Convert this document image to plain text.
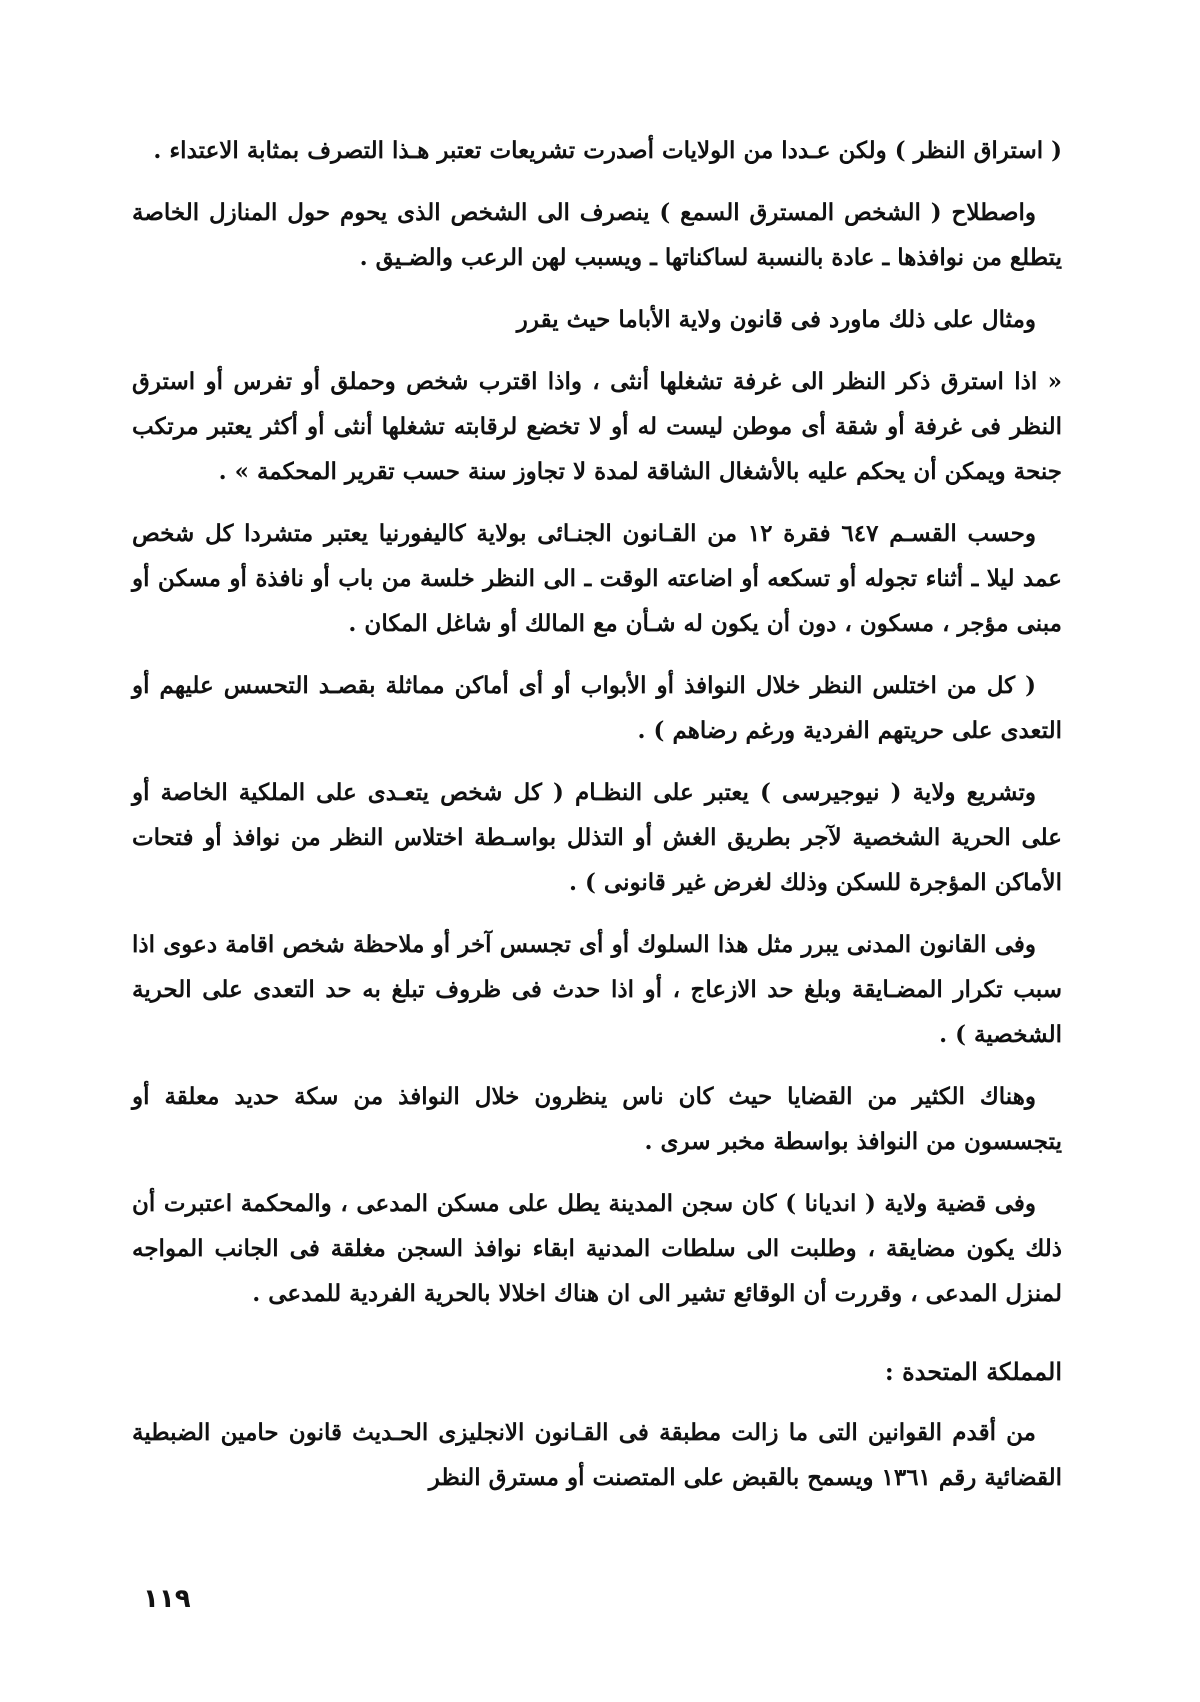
( استراق النظر ) ولكن عـددا من الولايات أصدرت تشريعات تعتبر هـذا التصرف بمثابة الاعتداء .

واصطلاح ( الشخص المسترق السمع ) ينصرف الى الشخص الذى يحوم حول المنازل الخاصة يتطلع من نوافذها ـ عادة بالنسبة لساكناتها ـ ويسبب لهن الرعب والضـيق .

ومثال على ذلك ماورد فى قانون ولاية الأباما حيث يقرر

« اذا استرق ذكر النظر الى غرفة تشغلها أنثى ، واذا اقترب شخص وحملق أو تفرس أو استرق النظر فى غرفة أو شقة أى موطن ليست له أو لا تخضع لرقابته تشغلها أنثى أو أكثر يعتبر مرتكب جنحة ويمكن أن يحكم عليه بالأشغال الشاقة لمدة لا تجاوز سنة حسب تقرير المحكمة » .

وحسب القسـم ٦٤٧ فقرة ١٢ من القـانون الجنـائى بولاية كاليفورنيا يعتبر متشردا كل شخص عمد ليلا ـ أثناء تجوله أو تسكعه أو اضاعته الوقت ـ الى النظر خلسة من باب أو نافذة أو مسكن أو مبنى مؤجر ، مسكون ، دون أن يكون له شـأن مع المالك أو شاغل المكان .

( كل من اختلس النظر خلال النوافذ أو الأبواب أو أى أماكن مماثلة بقصـد التحسس عليهم أو التعدى على حريتهم الفردية ورغم رضاهم ) .

وتشريع ولاية ( نيوجيرسى ) يعتبر على النظـام ( كل شخص يتعـدى على الملكية الخاصة أو على الحرية الشخصية لآجر بطريق الغش أو التذلل بواسـطة اختلاس النظر من نوافذ أو فتحات الأماكن المؤجرة للسكن وذلك لغرض غير قانونى ) .

وفى القانون المدنى يبرر مثل هذا السلوك أو أى تجسس آخر أو ملاحظة شخص اقامة دعوى اذا سبب تكرار المضـايقة وبلغ حد الازعاج ، أو اذا حدث فى ظروف تبلغ به حد التعدى على الحرية الشخصية ) .

وهناك الكثير من القضايا حيث كان ناس ينظرون خلال النوافذ من سكة حديد معلقة أو يتجسسون من النوافذ بواسطة مخبر سرى .

وفى قضية ولاية ( انديانا ) كان سجن المدينة يطل على مسكن المدعى ، والمحكمة اعتبرت أن ذلك يكون مضايقة ، وطلبت الى سلطات المدنية ابقاء نوافذ السجن مغلقة فى الجانب المواجه لمنزل المدعى ، وقررت أن الوقائع تشير الى ان هناك اخلالا بالحرية الفردية للمدعى .

المملكة المتحدة :

من أقدم القوانين التى ما زالت مطبقة فى القـانون الانجليزى الحـديث قانون حامين الضبطية القضائية رقم ١٣٦١ ويسمح بالقبض على المتصنت أو مسترق النظر

١١٩
